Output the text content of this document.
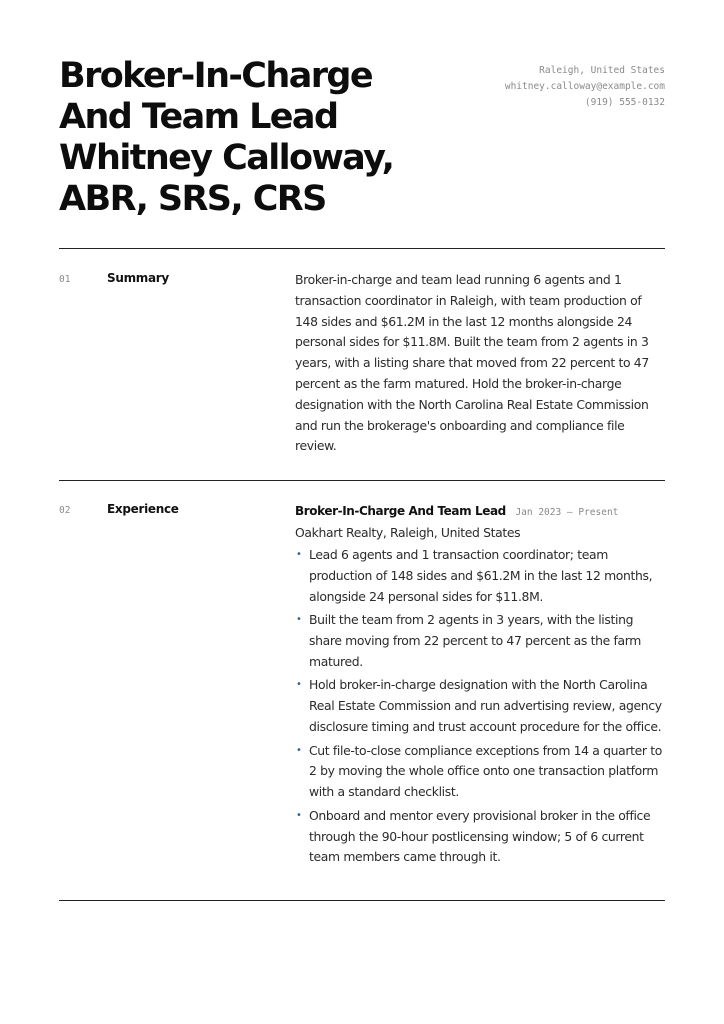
Broker-In-Charge
And Team Lead
Whitney Calloway,
ABR, SRS, CRS
Raleigh, United States
whitney.calloway@example.com
(919) 555-0132
01	Summary	Broker-in-charge and team lead running 6 agents and 1 transaction coordinator in Raleigh, with team production of 148 sides and $61.2M in the last 12 months alongside 24 personal sides for $11.8M. Built the team from 2 agents in 3 years, with a listing share that moved from 22 percent to 47 percent as the farm matured. Hold the broker-in-charge designation with the North Carolina Real Estate Commission and run the brokerage's onboarding and compliance file review.
02	Experience	Broker-In-Charge And Team Lead Jan 2023 – Present
Oakhart Realty, Raleigh, United States
• Lead 6 agents and 1 transaction coordinator; team production of 148 sides and $61.2M in the last 12 months, alongside 24 personal sides for $11.8M.
• Built the team from 2 agents in 3 years, with the listing share moving from 22 percent to 47 percent as the farm matured.
• Hold broker-in-charge designation with the North Carolina Real Estate Commission and run advertising review, agency disclosure timing and trust account procedure for the office.
• Cut file-to-close compliance exceptions from 14 a quarter to 2 by moving the whole office onto one transaction platform with a standard checklist.
• Onboard and mentor every provisional broker in the office through the 90-hour postlicensing window; 5 of 6 current team members came through it.
